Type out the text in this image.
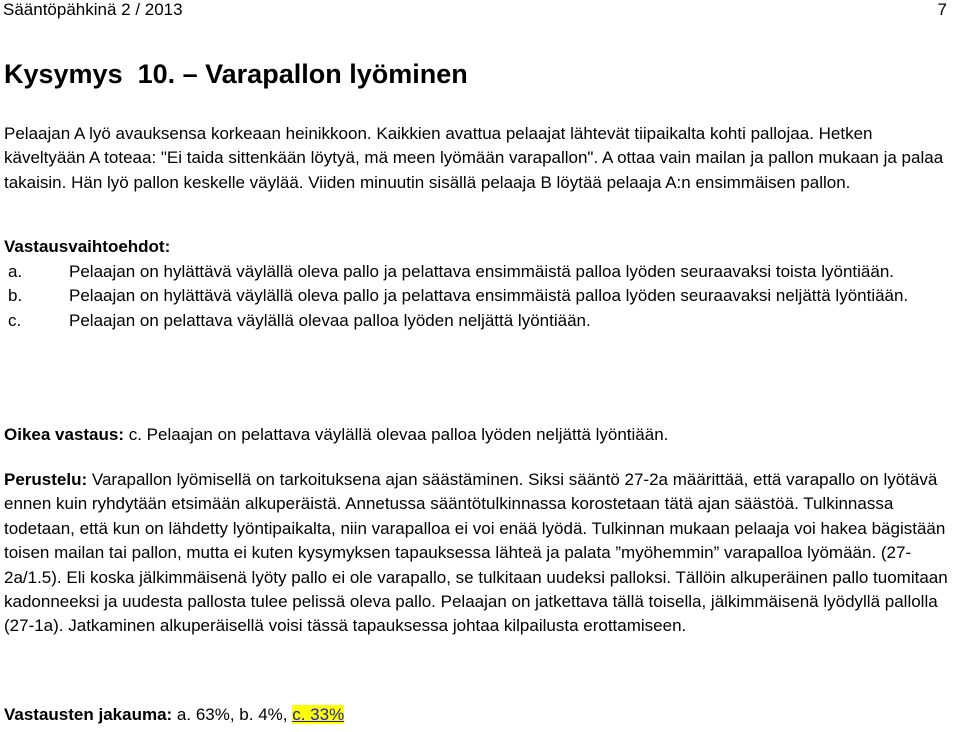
Sääntöpähkinä 2 / 2013	7
Kysymys  10. – Varapallon lyöminen
Pelaajan A lyö avauksensa korkeaan heinikkoon. Kaikkien avattua pelaajat lähtevät tiipaikalta kohti pallojaa. Hetken käveltyään A toteaa: "Ei taida sittenkään löytyä, mä meen lyömään varapallon". A ottaa vain mailan ja pallon mukaan ja palaa takaisin. Hän lyö pallon keskelle väylää. Viiden minuutin sisällä pelaaja B löytää pelaaja A:n ensimmäisen pallon.
Vastausvaihtoehdot:
a.	Pelaajan on hylättävä väylällä oleva pallo ja pelattava ensimmäistä palloa lyöden seuraavaksi toista lyöntiään.
b.	Pelaajan on hylättävä väylällä oleva pallo ja pelattava ensimmäistä palloa lyöden seuraavaksi neljättä lyöntiään.
c.	Pelaajan on pelattava väylällä olevaa palloa lyöden neljättä lyöntiään.
Oikea vastaus: c. Pelaajan on pelattava väylällä olevaa palloa lyöden neljättä lyöntiään.
Perustelu: Varapallon lyömisellä on tarkoituksena ajan säästäminen. Siksi sääntö 27-2a määrittää, että varapallo on lyötävä ennen kuin ryhdytään etsimään alkuperäistä. Annetussa sääntötulkinnassa korostetaan tätä ajan säästöä. Tulkinnassa todetaan, että kun on lähdetty lyöntipaikalta, niin varapalloa ei voi enää lyödä. Tulkinnan mukaan pelaaja voi hakea bägistään toisen mailan tai pallon, mutta ei kuten kysymyksen tapauksessa lähteä ja palata ”myöhemmin” varapalloa lyömään. (27-2a/1.5). Eli koska jälkimmäisenä lyöty pallo ei ole varapallo, se tulkitaan uudeksi palloksi. Tällöin alkuperäinen pallo tuomitaan kadonneeksi ja uudesta pallosta tulee pelissä oleva pallo. Pelaajan on jatkettava tällä toisella, jälkimmäisenä lyödyllä pallolla (27-1a). Jatkaminen alkuperäisellä voisi tässä tapauksessa johtaa kilpailusta erottamiseen.
Vastausten jakauma: a. 63%, b. 4%, c. 33%
